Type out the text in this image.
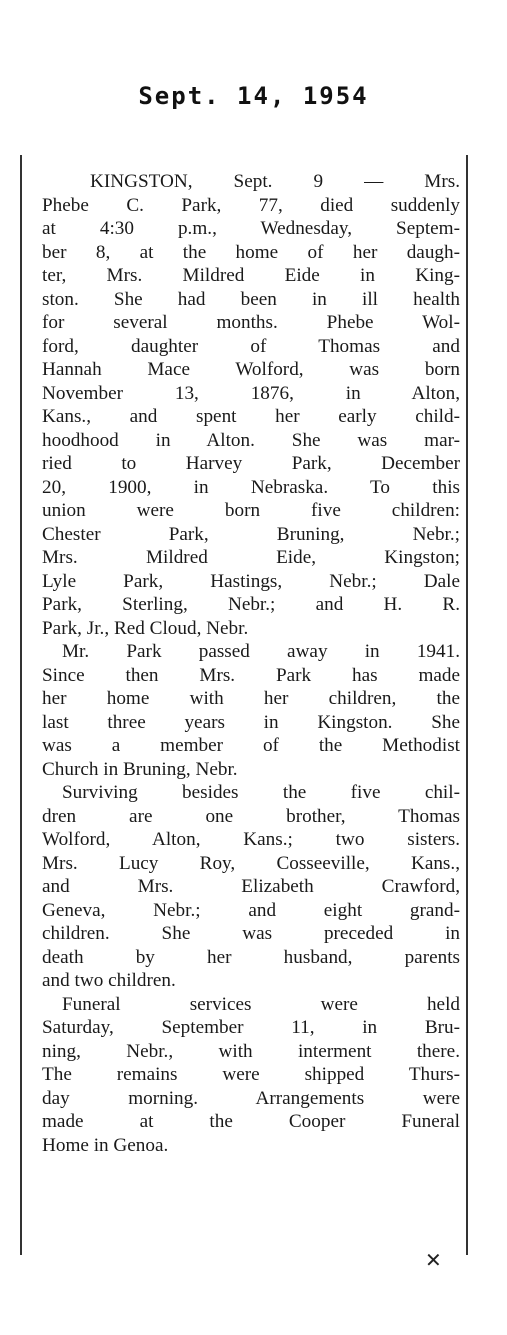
Sept. 14, 1954
KINGSTON, Sept. 9 — Mrs.
Phebe C. Park, 77, died suddenly
at 4:30 p.m., Wednesday, Septem-
ber 8, at the home of her daugh-
ter, Mrs. Mildred Eide in King-
ston. She had been in ill health
for several months. Phebe Wol-
ford, daughter of Thomas and
Hannah Mace Wolford, was born
November 13, 1876, in Alton,
Kans., and spent her early child-
hoodhood in Alton. She was mar-
ried to Harvey Park, December
20, 1900, in Nebraska. To this
union were born five children:
Chester Park, Bruning, Nebr.;
Mrs. Mildred Eide, Kingston;
Lyle Park, Hastings, Nebr.; Dale
Park, Sterling, Nebr.; and H. R.
Park, Jr., Red Cloud, Nebr.
Mr. Park passed away in 1941.
Since then Mrs. Park has made
her home with her children, the
last three years in Kingston. She
was a member of the Methodist
Church in Bruning, Nebr.
Surviving besides the five chil-
dren are one brother, Thomas
Wolford, Alton, Kans.; two sisters.
Mrs. Lucy Roy, Cosseeville, Kans.,
and Mrs. Elizabeth Crawford,
Geneva, Nebr.; and eight grand-
children. She was preceded in
death by her husband, parents
and two children.
Funeral services were held
Saturday, September 11, in Bru-
ning, Nebr., with interment there.
The remains were shipped Thurs-
day morning. Arrangements were
made at the Cooper Funeral
Home in Genoa.
✕
